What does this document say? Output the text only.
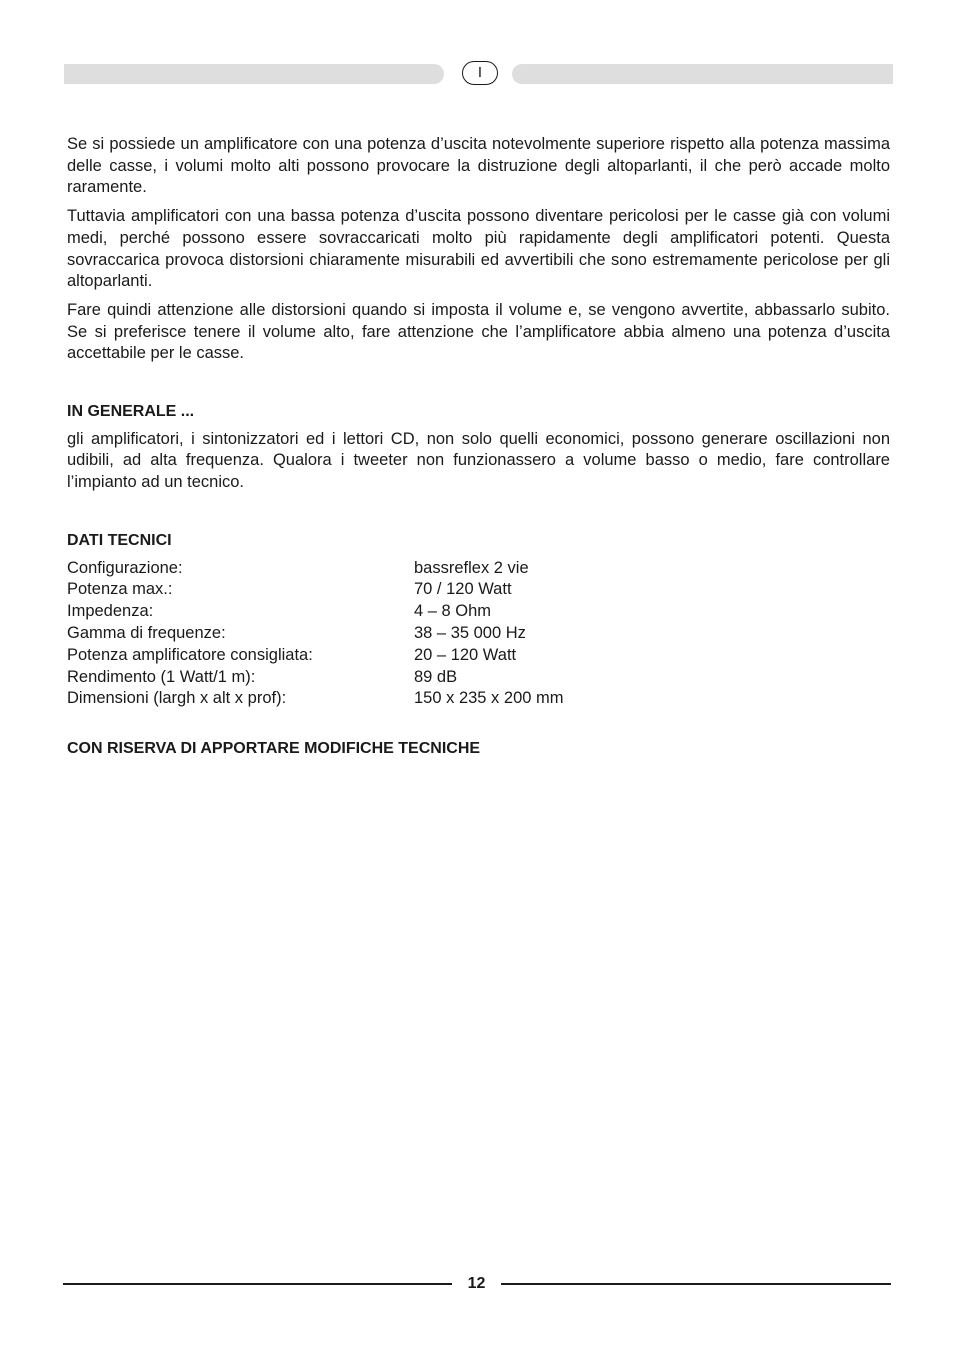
I

Se si possiede un amplificatore con una potenza d’uscita notevolmente superiore rispetto alla potenza massima delle casse, i volumi molto alti possono provocare la distruzione degli altoparlanti, il che però accade molto raramente.

Tuttavia amplificatori con una bassa potenza d’uscita possono diventare pericolosi per le casse già con volumi medi, perché possono essere sovraccaricati molto più rapidamente degli amplificatori potenti. Questa sovraccarica provoca distorsioni chiaramente misurabili ed avvertibili che sono estremamente pericolose per gli altoparlanti.

Fare quindi attenzione alle distorsioni quando si imposta il volume e, se vengono avvertite, abbassarlo subito. Se si preferisce tenere il volume alto, fare attenzione che l’amplificatore abbia almeno una potenza d’uscita accettabile per le casse.

IN GENERALE ...

gli amplificatori, i sintonizzatori ed i lettori CD, non solo quelli economici, possono generare oscillazioni non udibili, ad alta frequenza. Qualora i tweeter non funzionassero a volume basso o medio, fare controllare l’impianto ad un tecnico.

DATI TECNICI
Configurazione:	bassreflex 2 vie
Potenza max.:	70 / 120 Watt
Impedenza:	4 – 8 Ohm
Gamma di frequenze:	38 – 35 000 Hz
Potenza amplificatore consigliata:	20 – 120 Watt
Rendimento (1 Watt/1 m):	89 dB
Dimensioni (largh x alt x prof):	150 x 235 x 200 mm
CON RISERVA DI APPORTARE MODIFICHE TECNICHE
12
